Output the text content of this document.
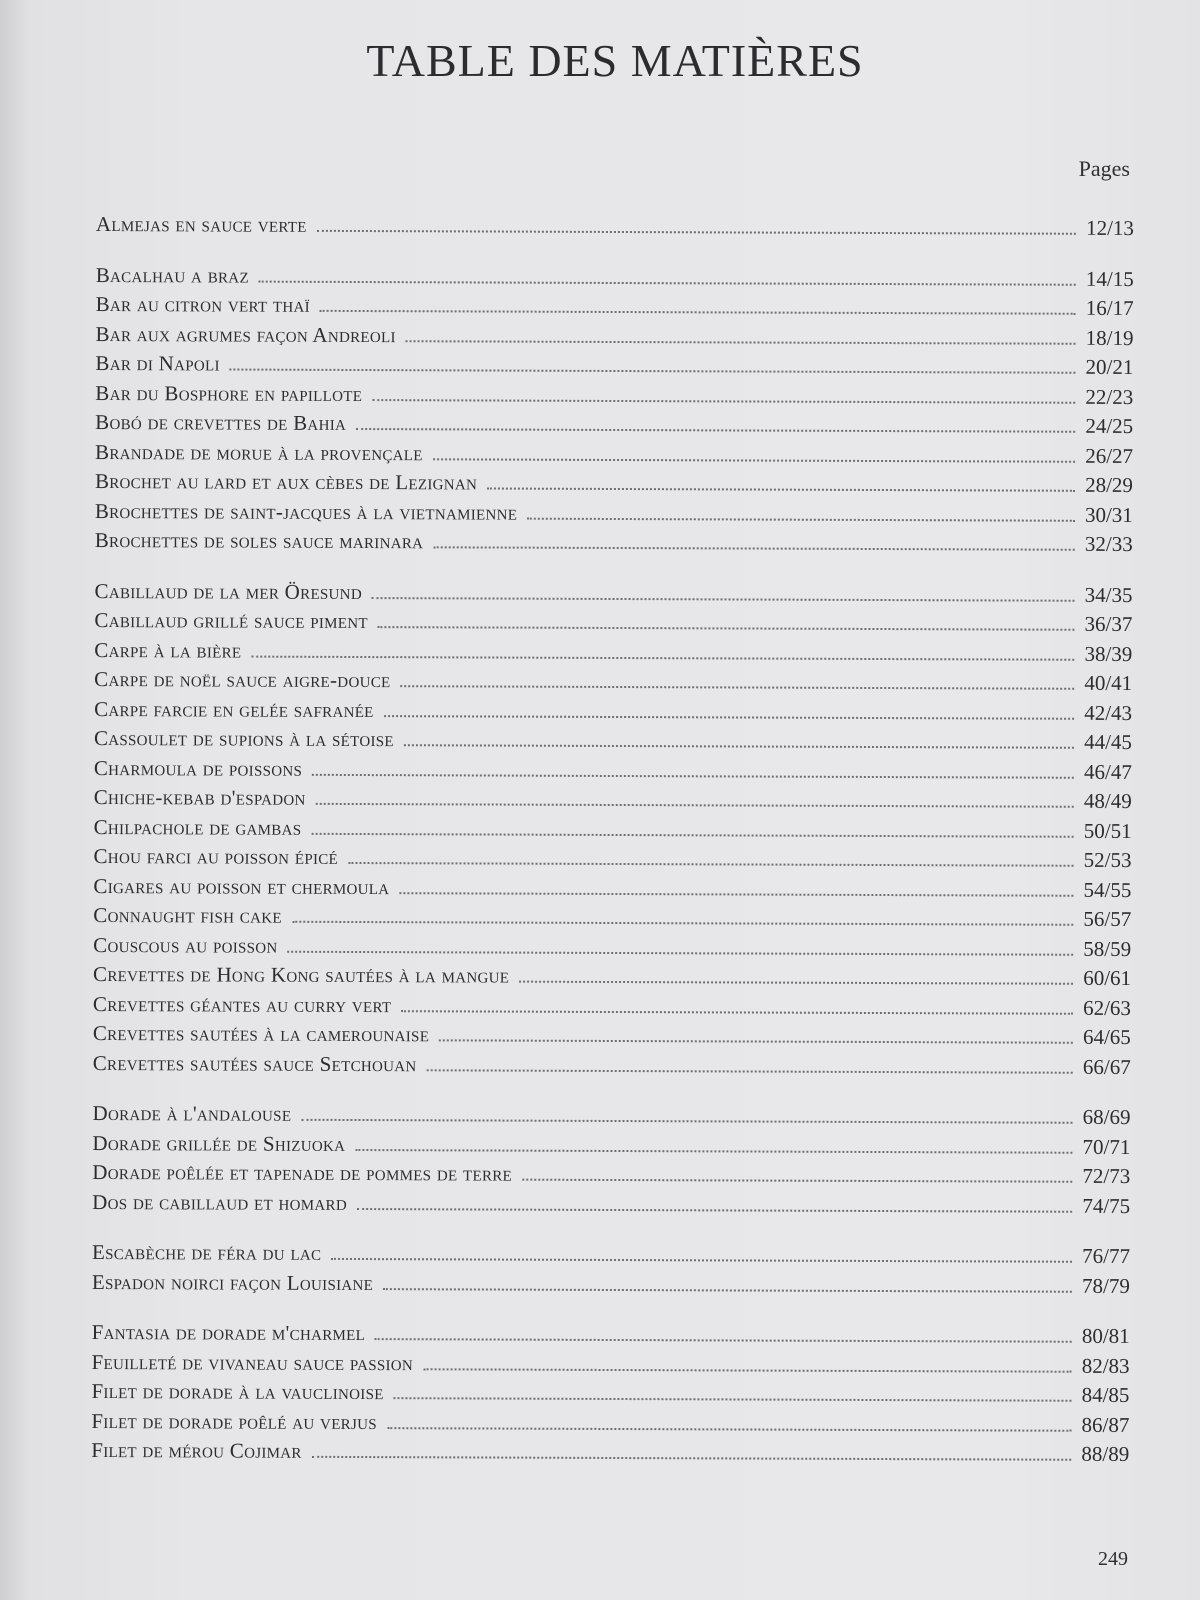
TABLE DES MATIÈRES
Pages
Almejas en sauce verte	12/13
Bacalhau a braz	14/15
Bar au citron vert thaï	16/17
Bar aux agrumes façon Andreoli	18/19
Bar di Napoli	20/21
Bar du Bosphore en papillote	22/23
Bobó de crevettes de Bahia	24/25
Brandade de morue à la provençale	26/27
Brochet au lard et aux cèbes de Lezignan	28/29
Brochettes de saint-jacques à la vietnamienne	30/31
Brochettes de soles sauce marinara	32/33
Cabillaud de la mer Öresund	34/35
Cabillaud grillé sauce piment	36/37
Carpe à la bière	38/39
Carpe de noël sauce aigre-douce	40/41
Carpe farcie en gelée safranée	42/43
Cassoulet de supions à la sétoise	44/45
Charmoula de poissons	46/47
Chiche-kebab d'espadon	48/49
Chilpachole de gambas	50/51
Chou farci au poisson épicé	52/53
Cigares au poisson et chermoula	54/55
Connaught fish cake	56/57
Couscous au poisson	58/59
Crevettes de Hong Kong sautées à la mangue	60/61
Crevettes géantes au curry vert	62/63
Crevettes sautées à la camerounaise	64/65
Crevettes sautées sauce Setchouan	66/67
Dorade à l'andalouse	68/69
Dorade grillée de Shizuoka	70/71
Dorade poêlée et tapenade de pommes de terre	72/73
Dos de cabillaud et homard	74/75
Escabèche de féra du lac	76/77
Espadon noirci façon Louisiane	78/79
Fantasia de dorade m'charmel	80/81
Feuilleté de vivaneau sauce passion	82/83
Filet de dorade à la vauclinoise	84/85
Filet de dorade poêlé au verjus	86/87
Filet de mérou Cojimar	88/89
249
